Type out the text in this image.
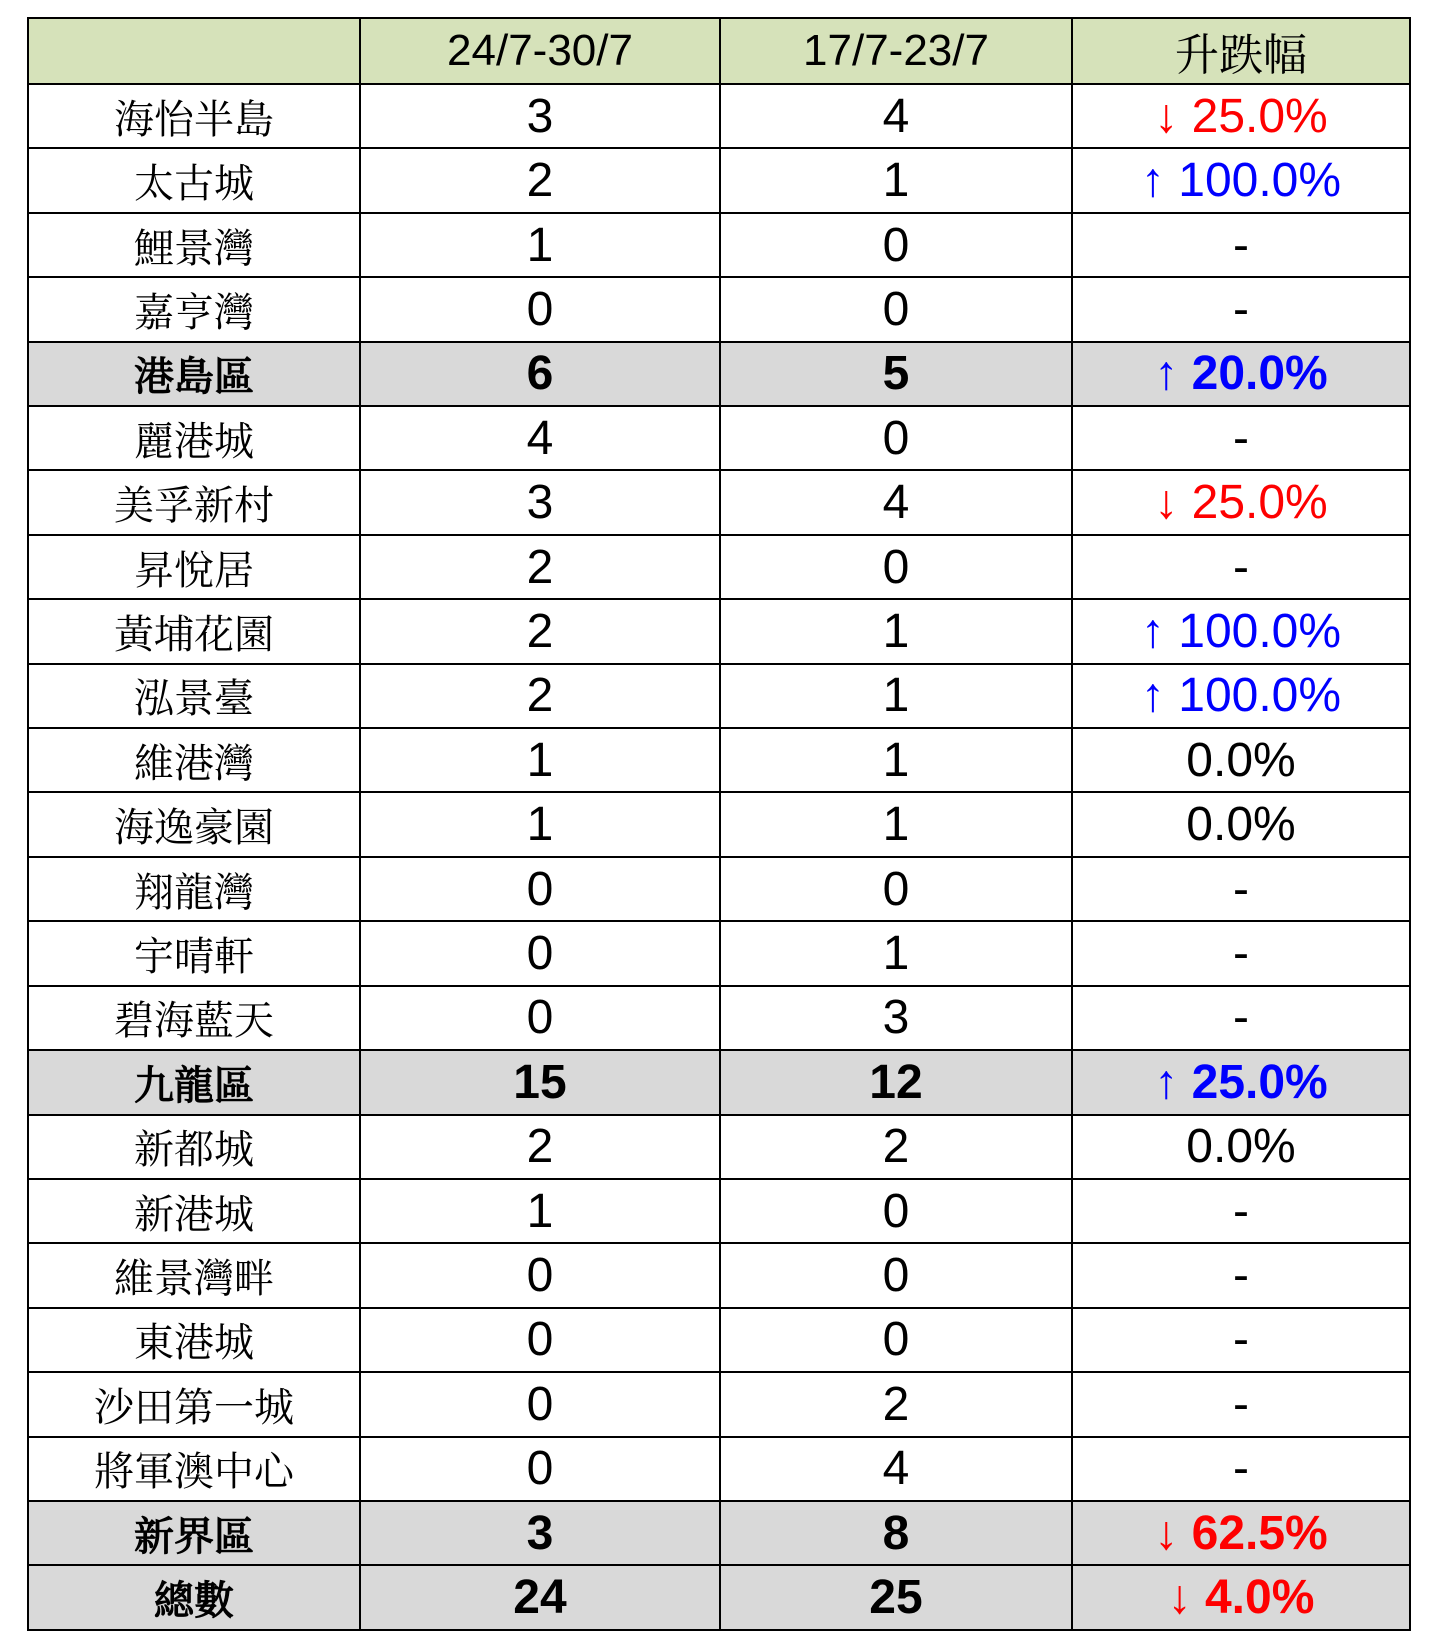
	24/7-30/7	17/7-23/7	升跌幅
海怡半島	3	4	↓ 25.0%
太古城	2	1	↑ 100.0%
鯉景灣	1	0	-
嘉亨灣	0	0	-
港島區	6	5	↑ 20.0%
麗港城	4	0	-
美孚新村	3	4	↓ 25.0%
昇悅居	2	0	-
黃埔花園	2	1	↑ 100.0%
泓景臺	2	1	↑ 100.0%
維港灣	1	1	0.0%
海逸豪園	1	1	0.0%
翔龍灣	0	0	-
宇晴軒	0	1	-
碧海藍天	0	3	-
九龍區	15	12	↑ 25.0%
新都城	2	2	0.0%
新港城	1	0	-
維景灣畔	0	0	-
東港城	0	0	-
沙田第一城	0	2	-
將軍澳中心	0	4	-
新界區	3	8	↓ 62.5%
總數	24	25	↓ 4.0%
